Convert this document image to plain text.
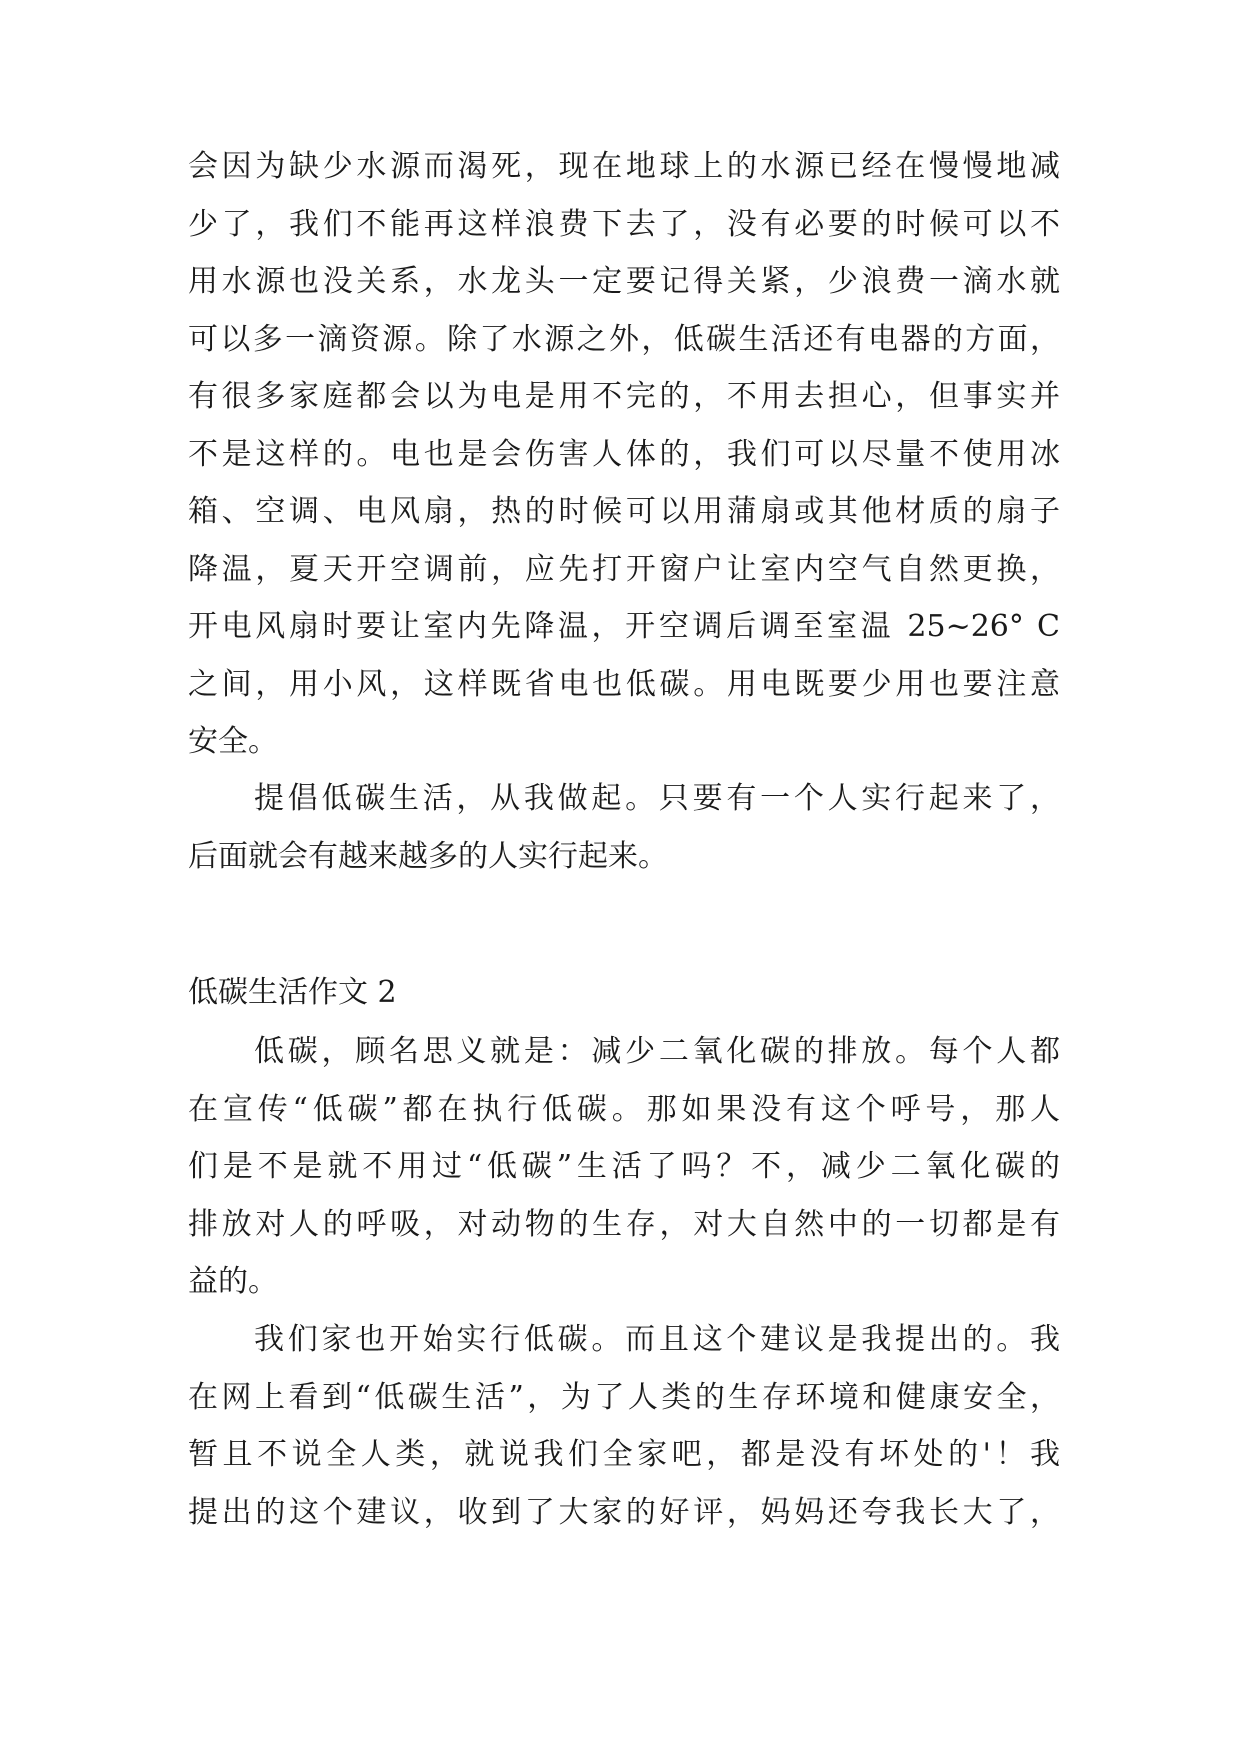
会因为缺少水源而渴死，现在地球上的水源已经在慢慢地减
少了，我们不能再这样浪费下去了，没有必要的时候可以不
用水源也没关系，水龙头一定要记得关紧，少浪费一滴水就
可以多一滴资源。除了水源之外，低碳生活还有电器的方面，
有很多家庭都会以为电是用不完的，不用去担心，但事实并
不是这样的。电也是会伤害人体的，我们可以尽量不使用冰
箱、空调、电风扇，热的时候可以用蒲扇或其他材质的扇子
降温，夏天开空调前，应先打开窗户让室内空气自然更换，
开电风扇时要让室内先降温，开空调后调至室温 25~26° C
之间，用小风，这样既省电也低碳。用电既要少用也要注意
安全。
提倡低碳生活，从我做起。只要有一个人实行起来了，
后面就会有越来越多的人实行起来。
低碳生活作文 2
低碳，顾名思义就是：减少二氧化碳的排放。每个人都
在宣传“低碳”都在执行低碳。那如果没有这个呼号，那人
们是不是就不用过“低碳”生活了吗？不，减少二氧化碳的
排放对人的呼吸，对动物的生存，对大自然中的一切都是有
益的。
我们家也开始实行低碳。而且这个建议是我提出的。我
在网上看到“低碳生活”，为了人类的生存环境和健康安全，
暂且不说全人类，就说我们全家吧，都是没有坏处的'！我
提出的这个建议，收到了大家的好评，妈妈还夸我长大了，
